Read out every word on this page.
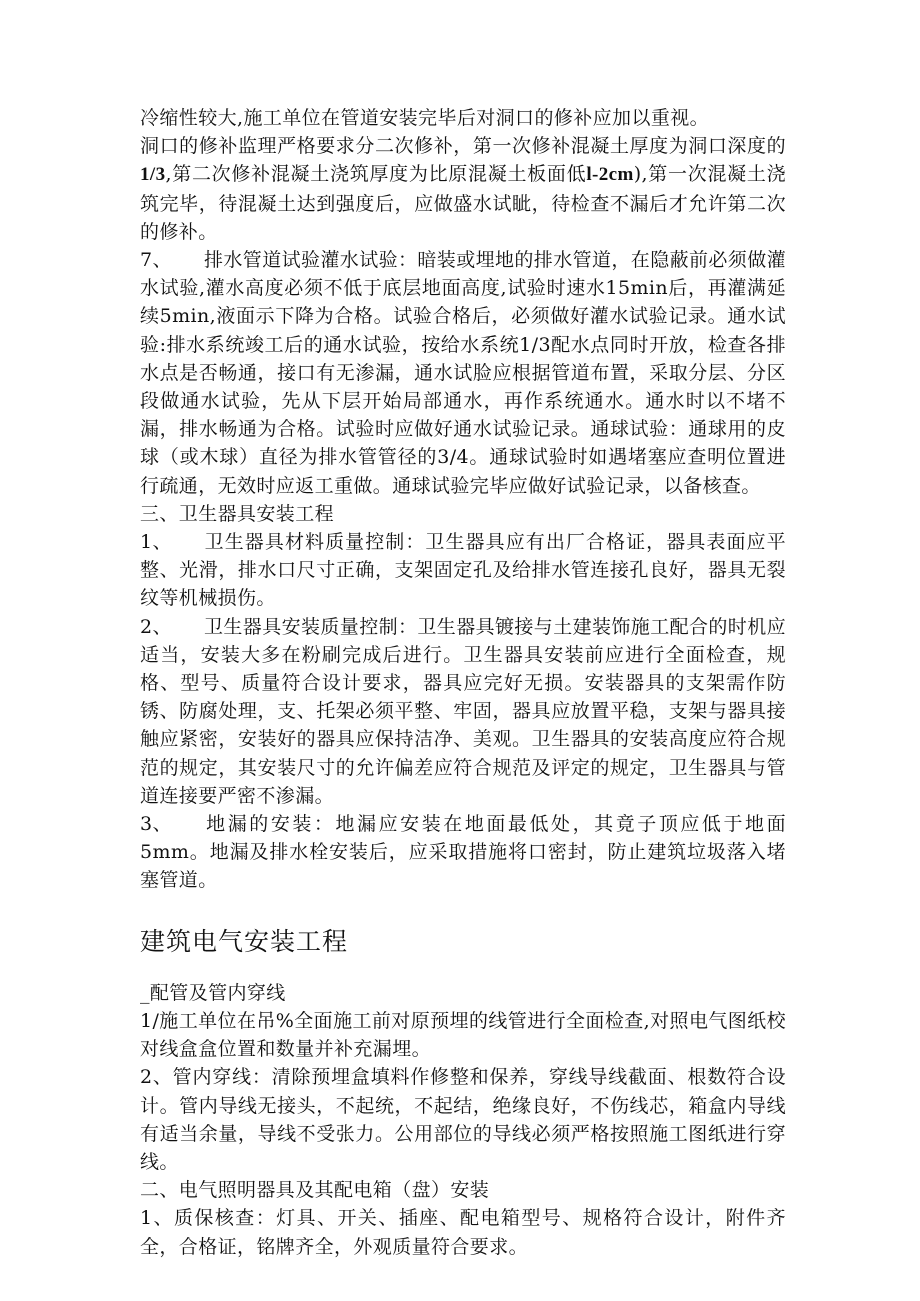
冷缩性较大,施工单位在管道安装完毕后对洞口的修补应加以重视。

洞口的修补监理严格要求分二次修补，第一次修补混凝土厚度为洞口深度的1/3,第二次修补混凝土浇筑厚度为比原混凝土板面低l-2cm),第一次混凝土浇筑完毕，待混凝土达到强度后，应做盛水试眦，待检查不漏后才允许第二次的修补。

7、 排水管道试验灌水试验：暗装或埋地的排水管道，在隐蔽前必须做灌水试验,灌水高度必须不低于底层地面高度,试验时速水15min后，再灌满延续5min,液面示下降为合格。试验合格后，必须做好灌水试验记录。通水试验:排水系统竣工后的通水试验，按给水系统1/3配水点同时开放，检查各排水点是否畅通，接口有无渗漏，通水试脸应根据管道布置，采取分层、分区段做通水试验，先从下层开始局部通水，再作系统通水。通水时以不堵不漏，排水畅通为合格。试验时应做好通水试验记录。通球试验：通球用的皮球（或木球）直径为排水管管径的3/4。通球试验时如遇堵塞应查明位置进行疏通，无效时应返工重做。通球试验完毕应做好试验记录，以备核查。

三、卫生器具安装工程

1、 卫生器具材料质量控制：卫生器具应有出厂合格证，器具表面应平整、光滑，排水口尺寸正确，支架固定孔及给排水管连接孔良好，器具无裂纹等机械损伤。

2、 卫生器具安装质量控制：卫生器具镀接与土建装饰施工配合的时机应适当，安装大多在粉刷完成后进行。卫生器具安装前应进行全面检查，规格、型号、质量符合设计要求，器具应完好无损。安装器具的支架需作防锈、防腐处理，支、托架必须平整、牢固，器具应放置平稳，支架与器具接触应紧密，安装好的器具应保持洁净、美观。卫生器具的安装高度应符合规范的规定，其安装尺寸的允许偏差应符合规范及评定的规定，卫生器具与管道连接要严密不渗漏。

3、 地漏的安装：地漏应安装在地面最低处，其竟子顶应低于地面5mm。地漏及排水栓安装后，应采取措施将口密封，防止建筑垃圾落入堵塞管道。

建筑电气安装工程

_配管及管内穿线

1/施工单位在吊%全面施工前对原预埋的线管进行全面检查,对照电气图纸校对线盒盒位置和数量并补充漏埋。

2、管内穿线：清除预埋盒填料作修整和保养，穿线导线截面、根数符合设计。管内导线无接头，不起统，不起结，绝缘良好，不伤线芯，箱盒内导线有适当余量，导线不受张力。公用部位的导线必须严格按照施工图纸进行穿线。

二、电气照明器具及其配电箱（盘）安装

1、质保核查：灯具、开关、插座、配电箱型号、规格符合设计，附件齐全，合格证，铭牌齐全，外观质量符合要求。
